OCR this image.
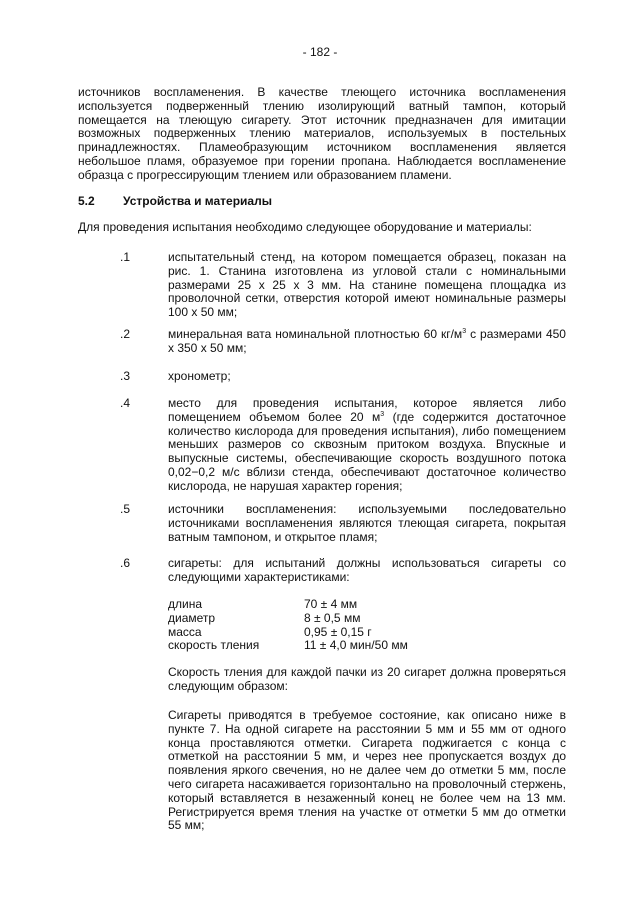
- 182 -

источников воспламенения. В качестве тлеющего источника воспламенения используется подверженный тлению изолирующий ватный тампон, который помещается на тлеющую сигарету. Этот источник предназначен для имитации возможных подверженных тлению материалов, используемых в постельных принадлежностях. Пламеобразующим источником воспламенения является небольшое пламя, образуемое при горении пропана. Наблюдается воспламенение образца с прогрессирующим тлением или образованием пламени.

5.2 Устройства и материалы

Для проведения испытания необходимо следующее оборудование и материалы:

.1	испытательный стенд, на котором помещается образец, показан на рис. 1. Станина изготовлена из угловой стали с номинальными размерами 25 x 25 x 3 мм. На станине помещена площадка из проволочной сетки, отверстия которой имеют номинальные размеры 100 x 50 мм;

.2	минеральная вата номинальной плотностью 60 $кг/м^3$ с размерами 450 x 350 x 50 мм;

.3	хронометр;

.4	место для проведения испытания, которое является либо помещением объемом более 20 $м^3$ (где содержится достаточное количество кислорода для проведения испытания), либо помещением меньших размеров со сквозным притоком воздуха. Впускные и выпускные системы, обеспечивающие скорость воздушного потока 0,02−0,2 м/с вблизи стенда, обеспечивают достаточное количество кислорода, не нарушая характер горения;

.5	источники воспламенения: используемыми последовательно источниками воспламенения являются тлеющая сигарета, покрытая ватным тампоном, и открытое пламя;

.6	сигареты: для испытаний должны использоваться сигареты со следующими характеристиками:

длина	70 ± 4 мм
диаметр	8 ± 0,5 мм
масса	0,95 ± 0,15 г
скорость тления	11 ± 4,0 мин/50 мм

Скорость тления для каждой пачки из 20 сигарет должна проверяться следующим образом:

Сигареты приводятся в требуемое состояние, как описано ниже в пункте 7. На одной сигарете на расстоянии 5 мм и 55 мм от одного конца проставляются отметки. Сигарета поджигается с конца с отметкой на расстоянии 5 мм, и через нее пропускается воздух до появления яркого свечения, но не далее чем до отметки 5 мм, после чего сигарета насаживается горизонтально на проволочный стержень, который вставляется в незаженный конец не более чем на 13 мм. Регистрируется время тления на участке от отметки 5 мм до отметки 55 мм;
